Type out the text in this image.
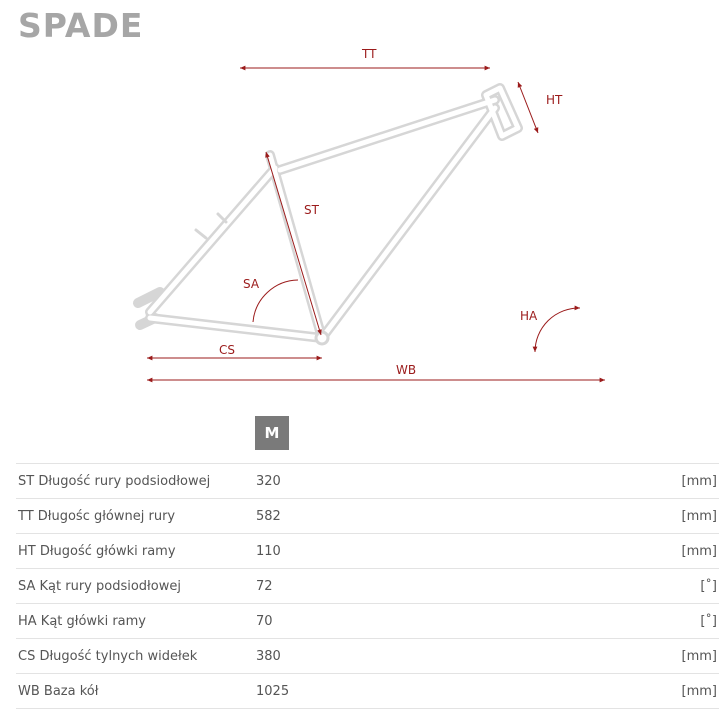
SPADE
TT
HT
ST
SA
HA
CS
WB
M
ST Długość rury podsiodłowej	320	[mm]
TT Długośc głównej rury	582	[mm]
HT Długość główki ramy	110	[mm]
SA Kąt rury podsiodłowej	72	[˚]
HA Kąt główki ramy	70	[˚]
CS Długość tylnych widełek	380	[mm]
WB Baza kół	1025	[mm]
